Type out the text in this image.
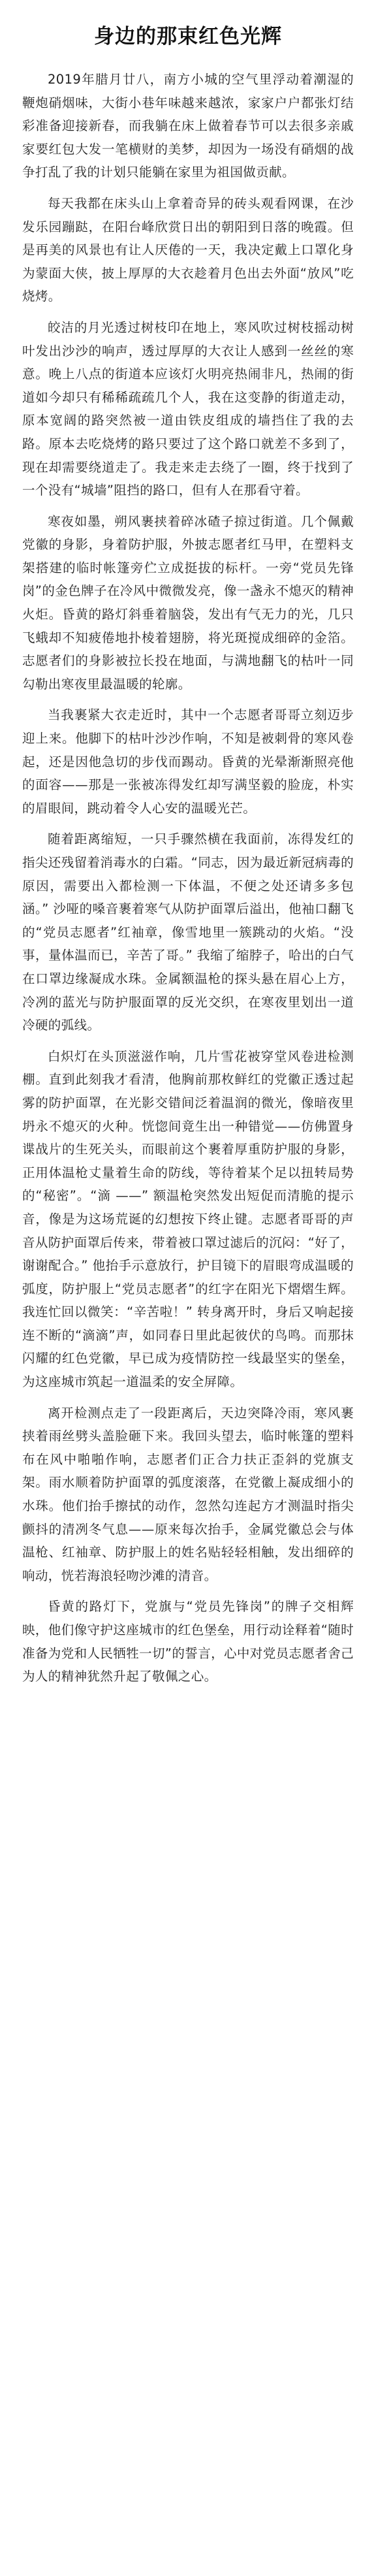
身边的那束红色光辉

2019年腊月廿八，南方小城的空气里浮动着潮湿的鞭炮硝烟味，大街小巷年味越来越浓，家家户户都张灯结彩准备迎接新春，而我躺在床上做着春节可以去很多亲戚家要红包大发一笔横财的美梦，却因为一场没有硝烟的战争打乱了我的计划只能躺在家里为祖国做贡献。

每天我都在床头山上拿着奇异的砖头观看网课，在沙发乐园蹦跶，在阳台峰欣赏日出的朝阳到日落的晚霞。但是再美的风景也有让人厌倦的一天，我决定戴上口罩化身为蒙面大侠，披上厚厚的大衣趁着月色出去外面“放风”吃烧烤。

皎洁的月光透过树枝印在地上，寒风吹过树枝摇动树叶发出沙沙的响声，透过厚厚的大衣让人感到一丝丝的寒意。晚上八点的街道本应该灯火明亮热闹非凡，热闹的街道如今却只有稀稀疏疏几个人，我在这变静的街道走动，原本宽阔的路突然被一道由铁皮组成的墙挡住了我的去路。原本去吃烧烤的路只要过了这个路口就差不多到了，现在却需要绕道走了。我走来走去绕了一圈，终于找到了一个没有“城墙”阻挡的路口，但有人在那看守着。

寒夜如墨，朔风裹挟着碎冰碴子掠过街道。几个佩戴党徽的身影，身着防护服，外披志愿者红马甲，在塑料支架搭建的临时帐篷旁伫立成挺拔的标杆。一旁“党员先锋岗”的金色牌子在冷风中微微发亮，像一盏永不熄灭的精神火炬。昏黄的路灯斜垂着脑袋，发出有气无力的光，几只飞蛾却不知疲倦地扑棱着翅膀，将光斑搅成细碎的金箔。志愿者们的身影被拉长投在地面，与满地翻飞的枯叶一同勾勒出寒夜里最温暖的轮廓。

当我裹紧大衣走近时，其中一个志愿者哥哥立刻迈步迎上来。他脚下的枯叶沙沙作响，不知是被刺骨的寒风卷起，还是因他急切的步伐而踢动。昏黄的光晕渐渐照亮他的面容——那是一张被冻得发红却写满坚毅的脸庞，朴实的眉眼间，跳动着令人心安的温暖光芒。

随着距离缩短，一只手骤然横在我面前，冻得发红的指尖还残留着消毒水的白霜。“同志，因为最近新冠病毒的原因，需要出入都检测一下体温，不便之处还请多多包涵。” 沙哑的嗓音裹着寒气从防护面罩后溢出，他袖口翻飞的“党员志愿者”红袖章，像雪地里一簇跳动的火焰。“没事，量体温而已，辛苦了哥。” 我缩了缩脖子，哈出的白气在口罩边缘凝成水珠。金属额温枪的探头悬在眉心上方，冷冽的蓝光与防护服面罩的反光交织，在寒夜里划出一道冷硬的弧线。

白炽灯在头顶滋滋作响，几片雪花被穿堂风卷进检测棚。直到此刻我才看清，他胸前那枚鲜红的党徽正透过起雾的防护面罩，在光影交错间泛着温润的微光，像暗夜里坍永不熄灭的火种。恍惚间竟生出一种错觉——仿佛置身谍战片的生死关头，而眼前这个裹着厚重防护服的身影，正用体温枪丈量着生命的防线，等待着某个足以扭转局势的“秘密”。“滴 ——” 额温枪突然发出短促而清脆的提示音，像是为这场荒诞的幻想按下终止键。志愿者哥哥的声音从防护面罩后传来，带着被口罩过滤后的沉闷：“好了，谢谢配合。” 他抬手示意放行，护目镜下的眉眼弯成温暖的弧度，防护服上“党员志愿者”的红字在阳光下熠熠生辉。我连忙回以微笑：“辛苦啦！” 转身离开时，身后又响起接连不断的“滴滴”声，如同春日里此起彼伏的鸟鸣。而那抹闪耀的红色党徽，早已成为疫情防控一线最坚实的堡垒，为这座城市筑起一道温柔的安全屏障。

离开检测点走了一段距离后，天边突降冷雨，寒风裹挟着雨丝劈头盖脸砸下来。我回头望去，临时帐篷的塑料布在风中啪啪作响，志愿者们正合力扶正歪斜的党旗支架。雨水顺着防护面罩的弧度滚落，在党徽上凝成细小的水珠。他们抬手擦拭的动作，忽然勾连起方才测温时指尖颤抖的清冽冬气息——原来每次抬手，金属党徽总会与体温枪、红袖章、防护服上的姓名贴轻轻相触，发出细碎的响动，恍若海浪轻吻沙滩的清音。

昏黄的路灯下，党旗与“党员先锋岗”的牌子交相辉映，他们像守护这座城市的红色堡垒，用行动诠释着“随时准备为党和人民牺牲一切”的誓言，心中对党员志愿者舍己为人的精神犹然升起了敬佩之心。
